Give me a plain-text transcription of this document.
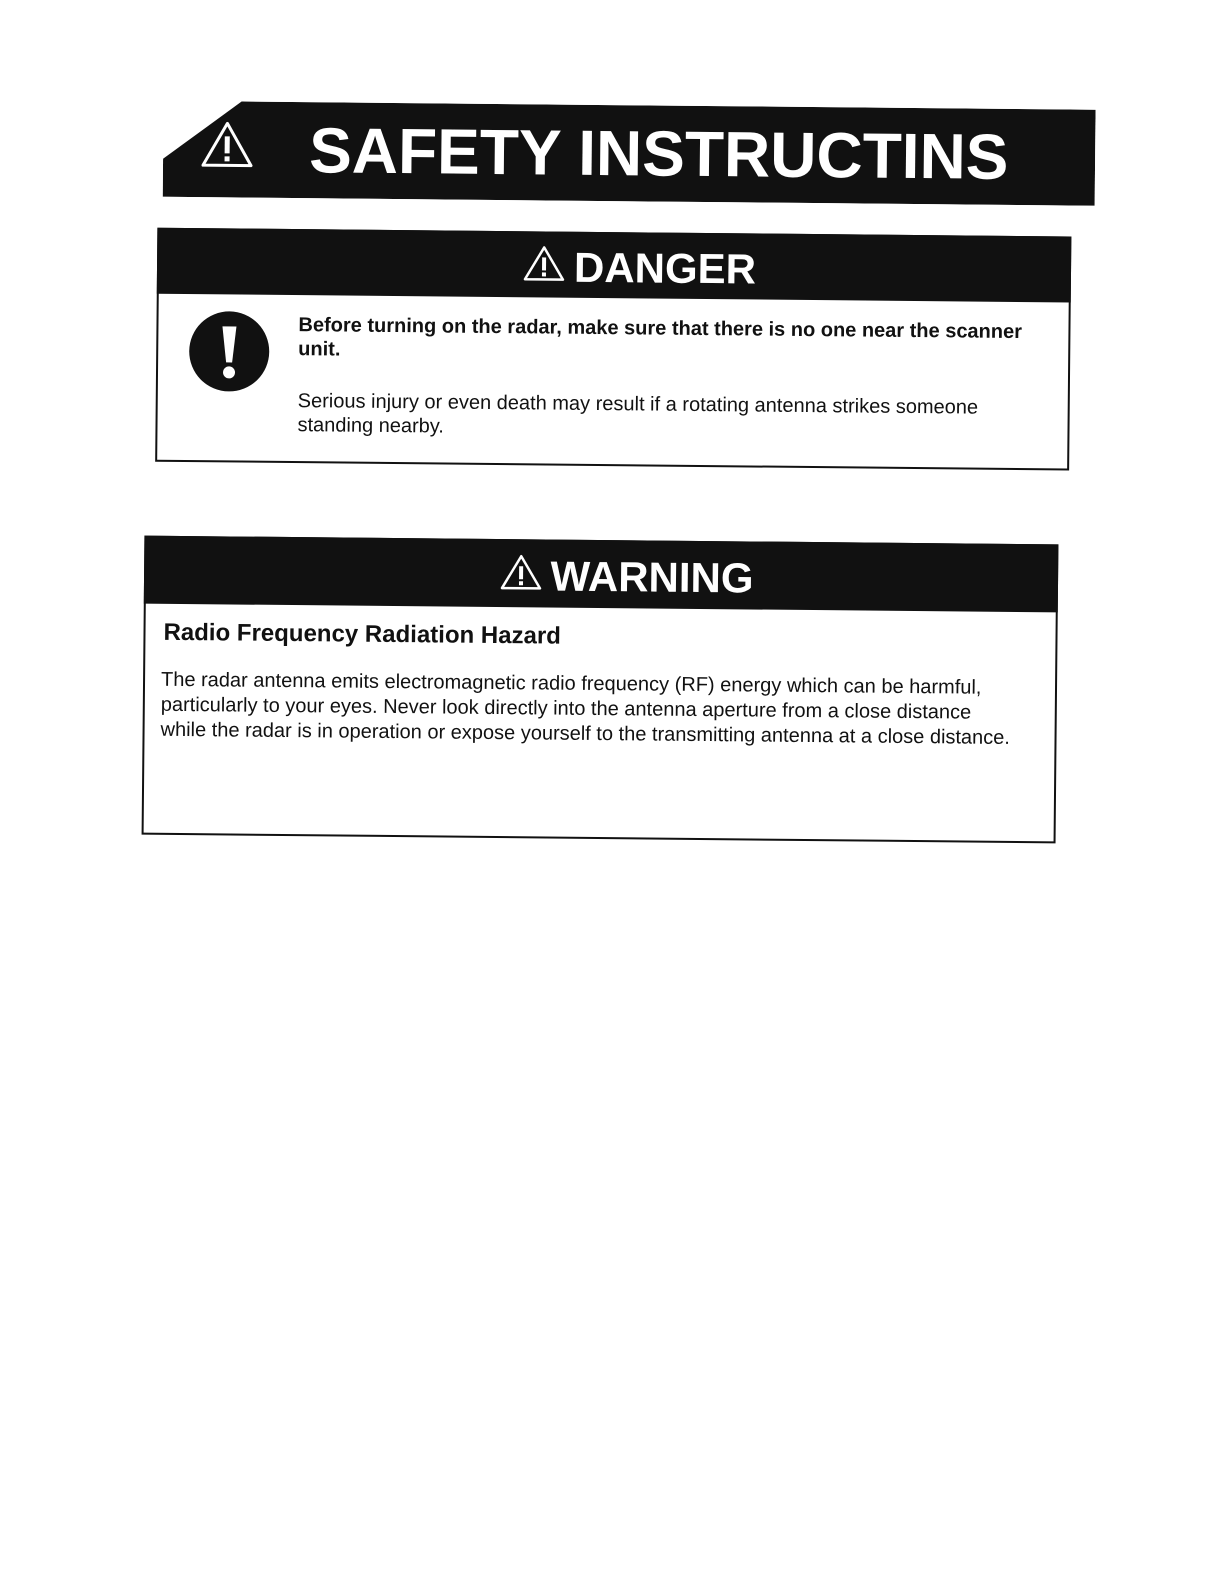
SAFETY INSTRUCTINS
DANGER
Before turning on the radar, make sure that there is no one near the scanner unit.
Serious injury or even death may result if a rotating antenna strikes someone standing nearby.
WARNING
Radio Frequency Radiation Hazard
The radar antenna emits electromagnetic radio frequency (RF) energy which can be harmful, particularly to your eyes. Never look directly into the antenna aperture from a close distance while the radar is in operation or expose yourself to the transmitting antenna at a close distance.
